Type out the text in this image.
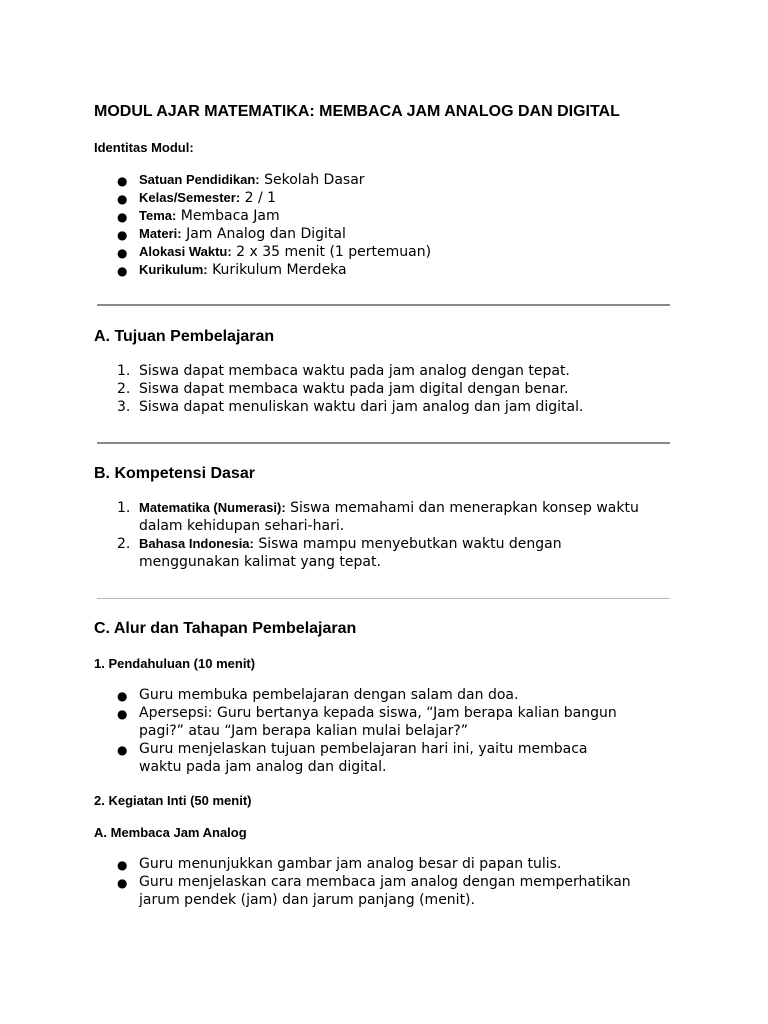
MODUL AJAR MATEMATIKA: MEMBACA JAM ANALOG DAN DIGITAL
Identitas Modul:
● Satuan Pendidikan: Sekolah Dasar
● Kelas/Semester: 2 / 1
● Tema: Membaca Jam
● Materi: Jam Analog dan Digital
● Alokasi Waktu: 2 x 35 menit (1 pertemuan)
● Kurikulum: Kurikulum Merdeka
A. Tujuan Pembelajaran
1. Siswa dapat membaca waktu pada jam analog dengan tepat.
2. Siswa dapat membaca waktu pada jam digital dengan benar.
3. Siswa dapat menuliskan waktu dari jam analog dan jam digital.
B. Kompetensi Dasar
1. Matematika (Numerasi): Siswa memahami dan menerapkan konsep waktu
dalam kehidupan sehari-hari.
2. Bahasa Indonesia: Siswa mampu menyebutkan waktu dengan
menggunakan kalimat yang tepat.
C. Alur dan Tahapan Pembelajaran
1. Pendahuluan (10 menit)
● Guru membuka pembelajaran dengan salam dan doa.
● Apersepsi: Guru bertanya kepada siswa, “Jam berapa kalian bangun
pagi?” atau “Jam berapa kalian mulai belajar?”
● Guru menjelaskan tujuan pembelajaran hari ini, yaitu membaca
waktu pada jam analog dan digital.
2. Kegiatan Inti (50 menit)
A. Membaca Jam Analog
● Guru menunjukkan gambar jam analog besar di papan tulis.
● Guru menjelaskan cara membaca jam analog dengan memperhatikan
jarum pendek (jam) dan jarum panjang (menit).
